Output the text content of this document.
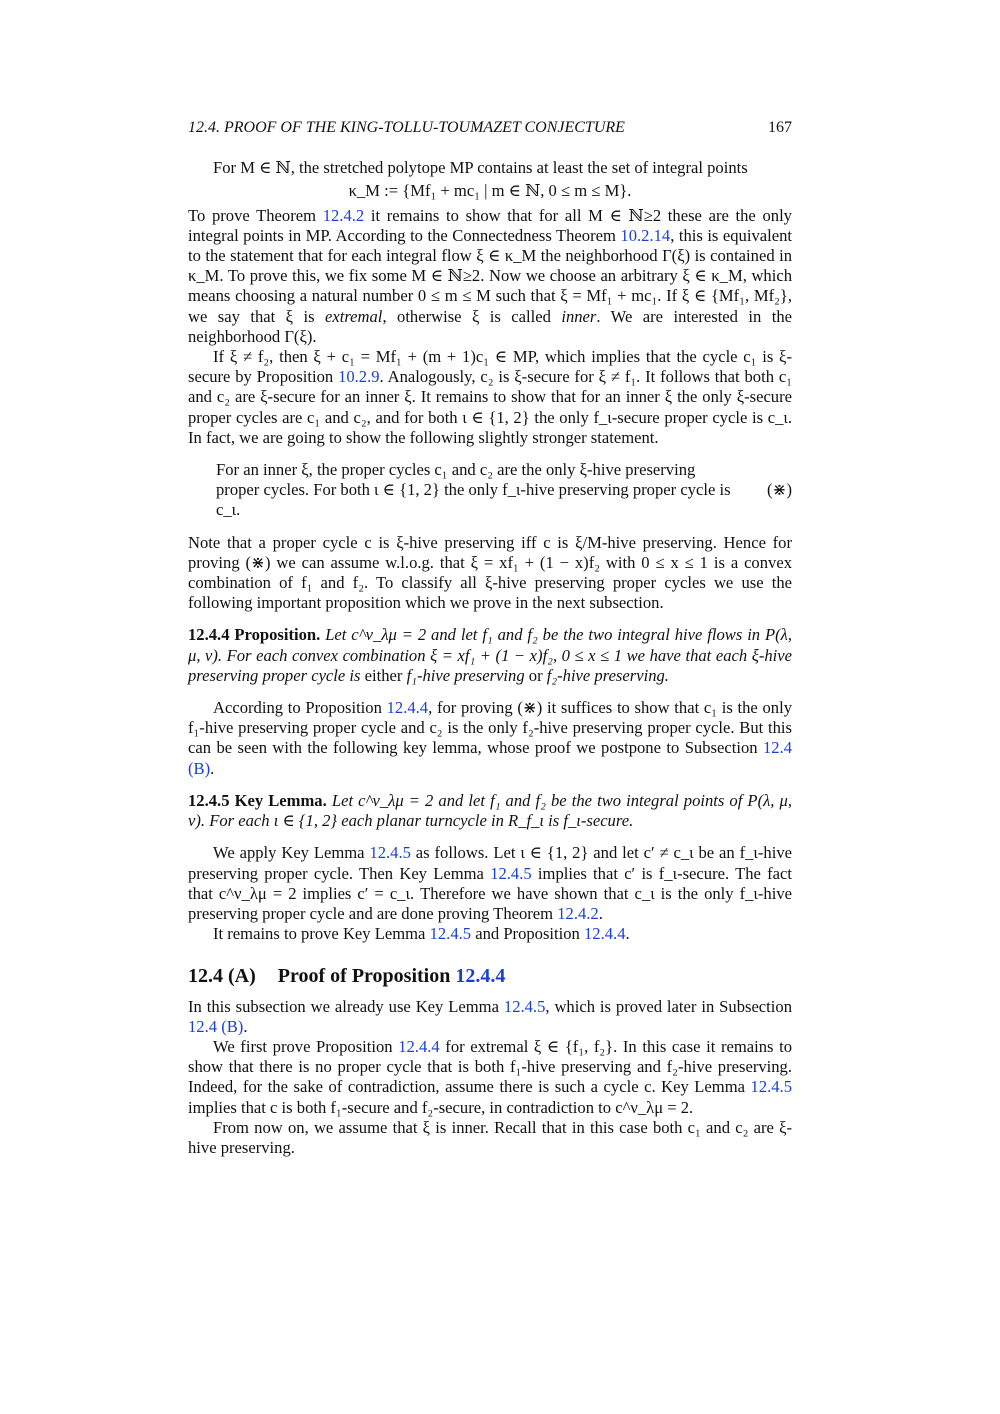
12.4. PROOF OF THE KING-TOLLU-TOUMAZET CONJECTURE	167

For M ∈ ℕ, the stretched polytope MP contains at least the set of integral points

κ_M := {Mf₁ + mc₁ | m ∈ ℕ, 0 ≤ m ≤ M}.

To prove Theorem 12.4.2 it remains to show that for all M ∈ ℕ≥2 these are the only integral points in MP. According to the Connectedness Theorem 10.2.14, this is equivalent to the statement that for each integral flow ξ ∈ κ_M the neighborhood Γ(ξ) is contained in κ_M. To prove this, we fix some M ∈ ℕ≥2. Now we choose an arbitrary ξ ∈ κ_M, which means choosing a natural number 0 ≤ m ≤ M such that ξ = Mf₁ + mc₁. If ξ ∈ {Mf₁, Mf₂}, we say that ξ is extremal, otherwise ξ is called inner. We are interested in the neighborhood Γ(ξ).

If ξ ≠ f₂, then ξ + c₁ = Mf₁ + (m + 1)c₁ ∈ MP, which implies that the cycle c₁ is ξ-secure by Proposition 10.2.9. Analogously, c₂ is ξ-secure for ξ ≠ f₁. It follows that both c₁ and c₂ are ξ-secure for an inner ξ. It remains to show that for an inner ξ the only ξ-secure proper cycles are c₁ and c₂, and for both ι ∈ {1, 2} the only f_ι-secure proper cycle is c_ι. In fact, we are going to show the following slightly stronger statement.

For an inner ξ, the proper cycles c₁ and c₂ are the only ξ-hive preserving proper cycles. For both ι ∈ {1, 2} the only f_ι-hive preserving proper cycle is c_ι.
(⋇)

Note that a proper cycle c is ξ-hive preserving iff c is ξ/M-hive preserving. Hence for proving (⋇) we can assume w.l.o.g. that ξ = xf₁ + (1 − x)f₂ with 0 ≤ x ≤ 1 is a convex combination of f₁ and f₂. To classify all ξ-hive preserving proper cycles we use the following important proposition which we prove in the next subsection.

12.4.4 Proposition. Let c^ν_λμ = 2 and let f₁ and f₂ be the two integral hive flows in P(λ, μ, ν). For each convex combination ξ = xf₁ + (1 − x)f₂, 0 ≤ x ≤ 1 we have that each ξ-hive preserving proper cycle is either f₁-hive preserving or f₂-hive preserving.

According to Proposition 12.4.4, for proving (⋇) it suffices to show that c₁ is the only f₁-hive preserving proper cycle and c₂ is the only f₂-hive preserving proper cycle. But this can be seen with the following key lemma, whose proof we postpone to Subsection 12.4 (B).

12.4.5 Key Lemma. Let c^ν_λμ = 2 and let f₁ and f₂ be the two integral points of P(λ, μ, ν). For each ι ∈ {1, 2} each planar turncycle in R_f_ι is f_ι-secure.

We apply Key Lemma 12.4.5 as follows. Let ι ∈ {1, 2} and let c′ ≠ c_ι be an f_ι-hive preserving proper cycle. Then Key Lemma 12.4.5 implies that c′ is f_ι-secure. The fact that c^ν_λμ = 2 implies c′ = c_ι. Therefore we have shown that c_ι is the only f_ι-hive preserving proper cycle and are done proving Theorem 12.4.2.

It remains to prove Key Lemma 12.4.5 and Proposition 12.4.4.

12.4 (A) Proof of Proposition 12.4.4

In this subsection we already use Key Lemma 12.4.5, which is proved later in Subsection 12.4 (B).

We first prove Proposition 12.4.4 for extremal ξ ∈ {f₁, f₂}. In this case it remains to show that there is no proper cycle that is both f₁-hive preserving and f₂-hive preserving. Indeed, for the sake of contradiction, assume there is such a cycle c. Key Lemma 12.4.5 implies that c is both f₁-secure and f₂-secure, in contradiction to c^ν_λμ = 2.

From now on, we assume that ξ is inner. Recall that in this case both c₁ and c₂ are ξ-hive preserving.
